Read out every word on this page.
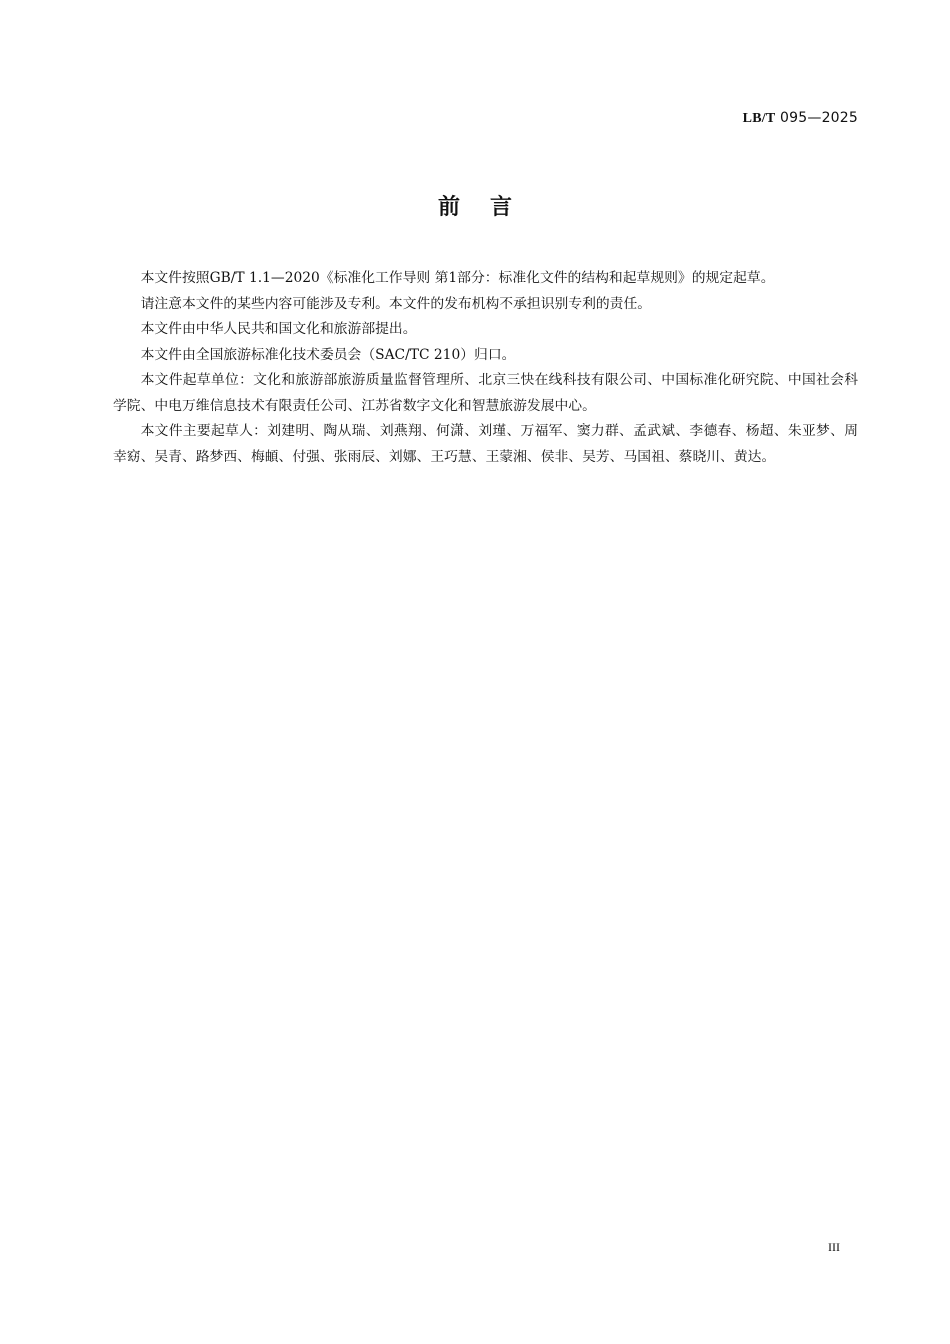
LB/T 095—2025
前言

本文件按照GB/T 1.1—2020《标准化工作导则 第1部分：标准化文件的结构和起草规则》的规定起草。

请注意本文件的某些内容可能涉及专利。本文件的发布机构不承担识别专利的责任。

本文件由中华人民共和国文化和旅游部提出。

本文件由全国旅游标准化技术委员会（SAC/TC 210）归口。

本文件起草单位：文化和旅游部旅游质量监督管理所、北京三快在线科技有限公司、中国标准化研究院、中国社会科学院、中电万维信息技术有限责任公司、江苏省数字文化和智慧旅游发展中心。

本文件主要起草人：刘建明、陶从瑞、刘燕翔、何潇、刘瑾、万福军、窦力群、孟武斌、李德春、杨超、朱亚梦、周幸窈、吴青、路梦西、梅頔、付强、张雨辰、刘娜、王巧慧、王蒙湘、侯非、吴芳、马国祖、蔡晓川、黄达。

III
